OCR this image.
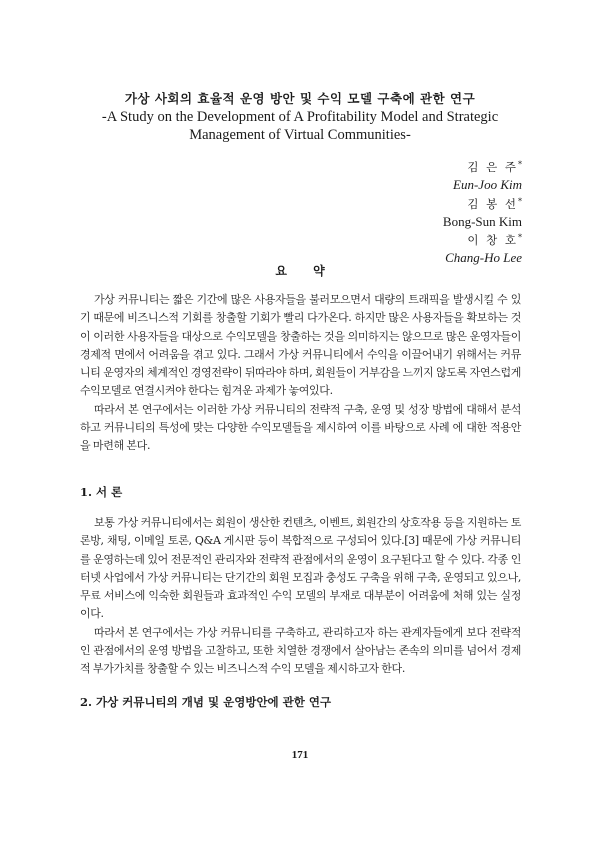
가상 사회의 효율적 운영 방안 및 수익 모델 구축에 관한 연구
-A Study on the Development of A Profitability Model and Strategic Management of Virtual Communities-
김 은 주*
Eun-Joo Kim
김 봉 선*
Bong-Sun Kim
이 창 호*
Chang-Ho Lee
요 약

가상 커뮤니티는 짧은 기간에 많은 사용자들을 불러모으면서 대량의 트래픽을 발생시킬 수 있기 때문에 비즈니스적 기회를 창출할 기회가 빨리 다가온다. 하지만 많은 사용자들을 확보하는 것이 이러한 사용자들을 대상으로 수익모델을 창출하는 것을 의미하지는 않으므로 많은 운영자들이 경제적 면에서 어려움을 겪고 있다. 그래서 가상 커뮤니티에서 수익을 이끌어내기 위해서는 커뮤니티 운영자의 체계적인 경영전략이 뒤따라야 하며, 회원들이 거부감을 느끼지 않도록 자연스럽게 수익모델로 연결시켜야 한다는 힘겨운 과제가 놓여있다.

따라서 본 연구에서는 이러한 가상 커뮤니티의 전략적 구축, 운영 및 성장 방법에 대해서 분석하고 커뮤니티의 특성에 맞는 다양한 수익모델들을 제시하여 이를 바탕으로 사례 에 대한 적용안을 마련해 본다.

1. 서 론

보통 가상 커뮤니티에서는 회원이 생산한 컨텐츠, 이벤트, 회원간의 상호작용 등을 지원하는 토론방, 채팅, 이메일 토론, Q&A 게시판 등이 복합적으로 구성되어 있다.[3] 때문에 가상 커뮤니티를 운영하는데 있어 전문적인 관리자와 전략적 관점에서의 운영이 요구된다고 할 수 있다. 각종 인터넷 사업에서 가상 커뮤니티는 단기간의 회원 모집과 충성도 구축을 위해 구축, 운영되고 있으나, 무료 서비스에 익숙한 회원들과 효과적인 수익 모델의 부재로 대부분이 어려움에 처해 있는 실정이다.

따라서 본 연구에서는 가상 커뮤니티를 구축하고, 관리하고자 하는 관계자들에게 보다 전략적인 관점에서의 운영 방법을 고찰하고, 또한 치열한 경쟁에서 살아남는 존속의 의미를 넘어서 경제적 부가가치를 창출할 수 있는 비즈니스적 수익 모델을 제시하고자 한다.

2. 가상 커뮤니티의 개념 및 운영방안에 관한 연구
171
